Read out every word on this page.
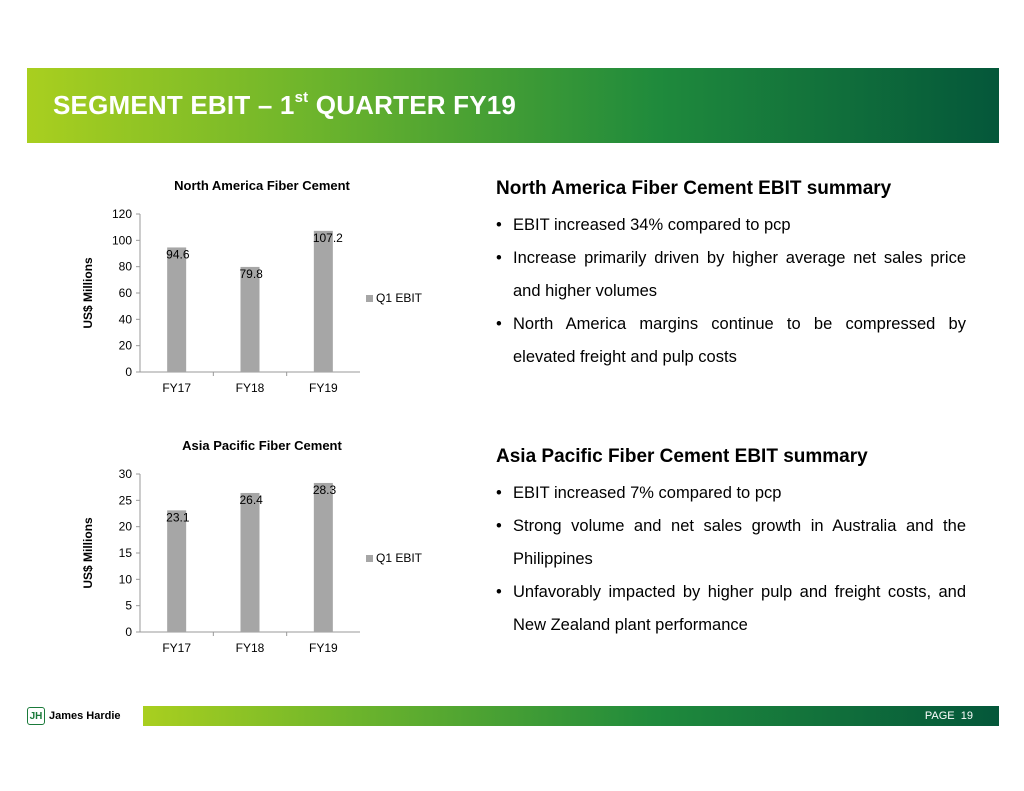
SEGMENT EBIT – 1st QUARTER FY19
North America Fiber Cement
US$ Millions
0
20
40
60
80
100
120
94.6
FY17
79.8
FY18
107.2
FY19
Q1 EBIT
Asia Pacific Fiber Cement
US$ Millions
0
5
10
15
20
25
30
23.1
FY17
26.4
FY18
28.3
FY19
Q1 EBIT
North America Fiber Cement EBIT summary
• EBIT increased 34% compared to pcp
• Increase primarily driven by higher average net sales price and higher volumes
• North America margins continue to be compressed by elevated freight and pulp costs
Asia Pacific Fiber Cement EBIT summary
• EBIT increased 7% compared to pcp
• Strong volume and net sales growth in Australia and the Philippines
• Unfavorably impacted by higher pulp and freight costs, and New Zealand plant performance
JH James Hardie	PAGE 19
